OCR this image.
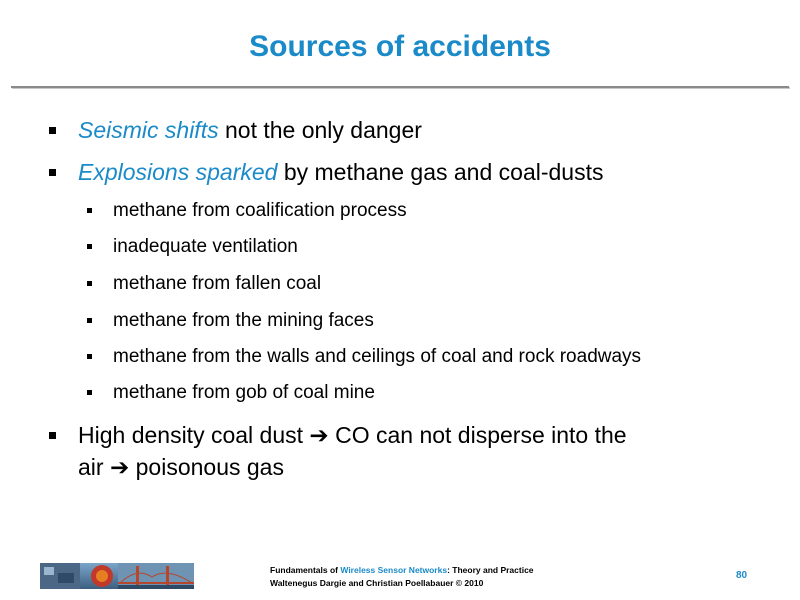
Sources of accidents
Seismic shifts not the only danger
Explosions sparked by methane gas and coal-dusts
methane from coalification process
inadequate ventilation
methane from fallen coal
methane from the mining faces
methane from the walls and ceilings of coal and rock roadways
methane from gob of coal mine
High density coal dust ➔ CO can not disperse into the
air ➔ poisonous gas
Fundamentals of Wireless Sensor Networks: Theory and Practice
Waltenegus Dargie and Christian Poellabauer © 2010
80
